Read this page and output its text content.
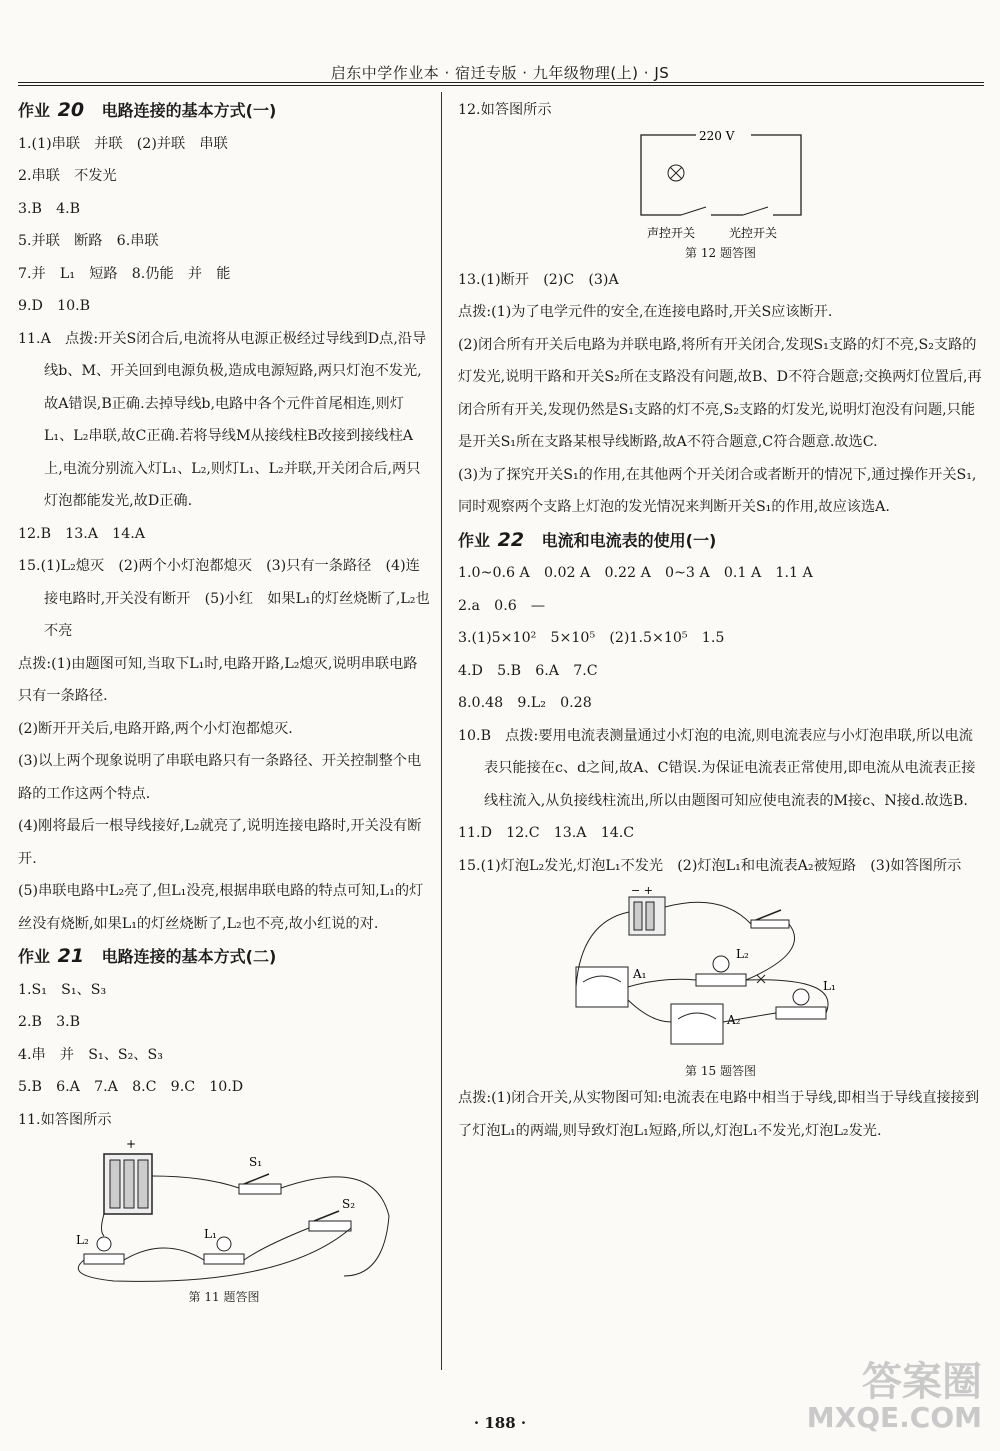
启东中学作业本 · 宿迁专版 · 九年级物理(上) · JS

作业 20 电路连接的基本方式(一)

1.(1)串联　并联　(2)并联　串联

2.串联　不发光

3.B　4.B

5.并联　断路　6.串联

7.并　L₁　短路　8.仍能　并　能

9.D　10.B

11.A　点拨:开关S闭合后,电流将从电源正极经过导线到D点,沿导线b、M、开关回到电源负极,造成电源短路,两只灯泡不发光,故A错误,B正确.去掉导线b,电路中各个元件首尾相连,则灯L₁、L₂串联,故C正确.若将导线M从接线柱B改接到接线柱A上,电流分别流入灯L₁、L₂,则灯L₁、L₂并联,开关闭合后,两只灯泡都能发光,故D正确.

12.B　13.A　14.A

15.(1)L₂熄灭　(2)两个小灯泡都熄灭　(3)只有一条路径　(4)连接电路时,开关没有断开　(5)小红　如果L₁的灯丝烧断了,L₂也不亮

点拨:(1)由题图可知,当取下L₁时,电路开路,L₂熄灭,说明串联电路只有一条路径.

(2)断开开关后,电路开路,两个小灯泡都熄灭.

(3)以上两个现象说明了串联电路只有一条路径、开关控制整个电路的工作这两个特点.

(4)刚将最后一根导线接好,L₂就亮了,说明连接电路时,开关没有断开.

(5)串联电路中L₂亮了,但L₁没亮,根据串联电路的特点可知,L₁的灯丝没有烧断,如果L₁的灯丝烧断了,L₂也不亮,故小红说的对.

作业 21 电路连接的基本方式(二)

1.S₁　S₁、S₃

2.B　3.B

4.串　并　S₁、S₂、S₃

5.B　6.A　7.A　8.C　9.C　10.D

11.如答图所示

+
S₁
S₂
L₂	L₁

第 11 题答图

12.如答图所示

220 V
声控开关	光控开关

第 12 题答图

13.(1)断开　(2)C　(3)A

点拨:(1)为了电学元件的安全,在连接电路时,开关S应该断开.

(2)闭合所有开关后电路为并联电路,将所有开关闭合,发现S₁支路的灯不亮,S₂支路的灯发光,说明干路和开关S₂所在支路没有问题,故B、D不符合题意;交换两灯位置后,再闭合所有开关,发现仍然是S₁支路的灯不亮,S₂支路的灯发光,说明灯泡没有问题,只能是开关S₁所在支路某根导线断路,故A不符合题意,C符合题意.故选C.

(3)为了探究开关S₁的作用,在其他两个开关闭合或者断开的情况下,通过操作开关S₁,同时观察两个支路上灯泡的发光情况来判断开关S₁的作用,故应该选A.

作业 22 电流和电流表的使用(一)

1.0~0.6 A　0.02 A　0.22 A　0~3 A　0.1 A　1.1 A

2.a　0.6　—

3.(1)5×10²　5×10⁵　(2)1.5×10⁵　1.5

4.D　5.B　6.A　7.C

8.0.48　9.L₂　0.28

10.B　点拨:要用电流表测量通过小灯泡的电流,则电流表应与小灯泡串联,所以电流表只能接在c、d之间,故A、C错误.为保证电流表正常使用,即电流从电流表正接线柱流入,从负接线柱流出,所以由题图可知应使电流表的M接c、N接d.故选B.

11.D　12.C　13.A　14.C

15.(1)灯泡L₂发光,灯泡L₁不发光　(2)灯泡L₁和电流表A₂被短路　(3)如答图所示

− +
A₁
L₂
A₂
L₁

第 15 题答图

点拨:(1)闭合开关,从实物图可知:电流表在电路中相当于导线,即相当于导线直接接到了灯泡L₁的两端,则导致灯泡L₁短路,所以,灯泡L₁不发光,灯泡L₂发光.

· 188 ·
答案圈
MXQE.COM
